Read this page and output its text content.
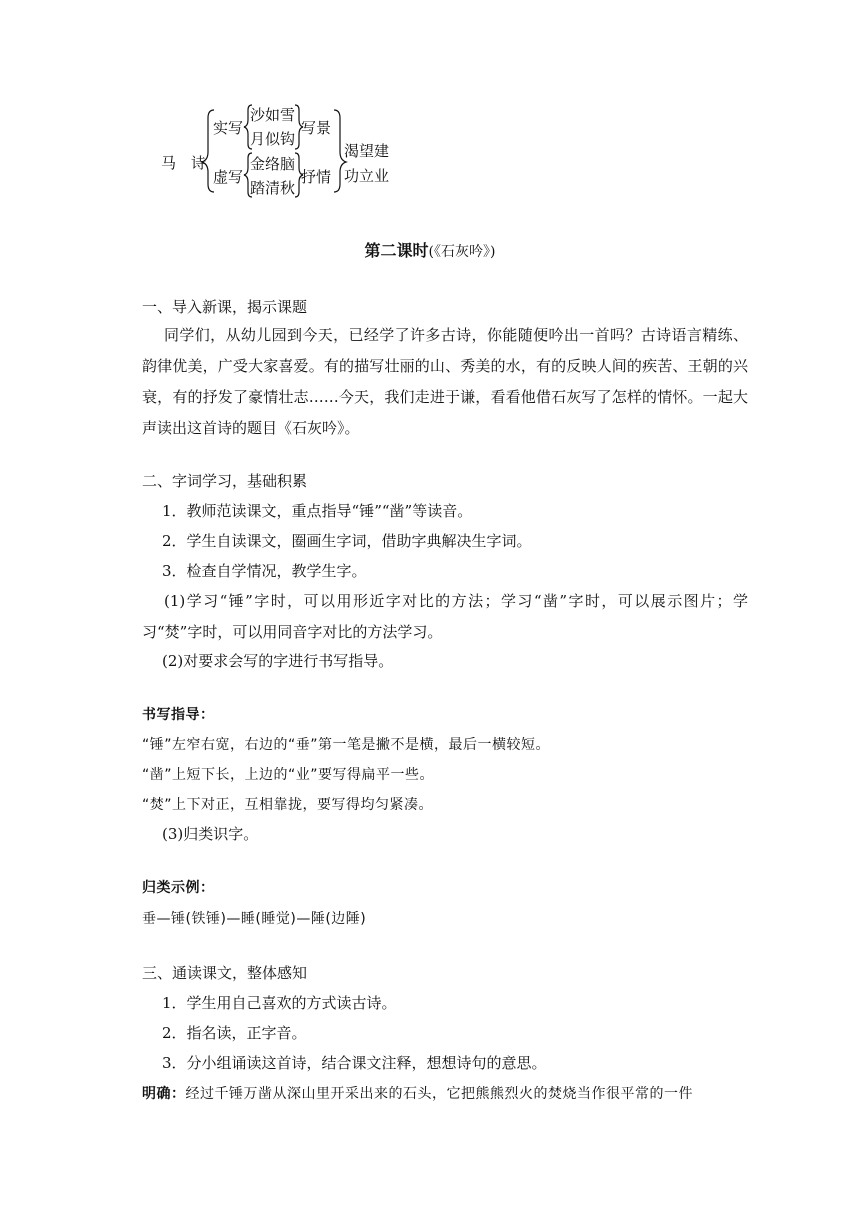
马　诗
实写
虚写
沙如雪
月似钩
金络脑
踏清秋
写景
抒情
渴望建
功立业
第二课时(《石灰吟》)
一、导入新课，揭示课题
同学们，从幼儿园到今天，已经学了许多古诗，你能随便吟出一首吗？古诗语言精练、韵律优美，广受大家喜爱。有的描写壮丽的山、秀美的水，有的反映人间的疾苦、王朝的兴衰，有的抒发了豪情壮志……今天，我们走进于谦，看看他借石灰写了怎样的情怀。一起大声读出这首诗的题目《石灰吟》。
二、字词学习，基础积累
1．教师范读课文，重点指导“锤”“凿”等读音。
2．学生自读课文，圈画生字词，借助字典解决生字词。
3．检查自学情况，教学生字。
(1)学习“锤”字时，可以用形近字对比的方法；学习“凿”字时，可以展示图片；学习“焚”字时，可以用同音字对比的方法学习。
(2)对要求会写的字进行书写指导。
书写指导：
“锤”左窄右宽，右边的“垂”第一笔是撇不是横，最后一横较短。
“凿”上短下长，上边的“业”要写得扁平一些。
“焚”上下对正，互相靠拢，要写得均匀紧凑。
(3)归类识字。
归类示例：
垂—锤(铁锤)—睡(睡觉)—陲(边陲)
三、通读课文，整体感知
1．学生用自己喜欢的方式读古诗。
2．指名读，正字音。
3．分小组诵读这首诗，结合课文注释，想想诗句的意思。
明确：经过千锤万凿从深山里开采出来的石头，它把熊熊烈火的焚烧当作很平常的一件
